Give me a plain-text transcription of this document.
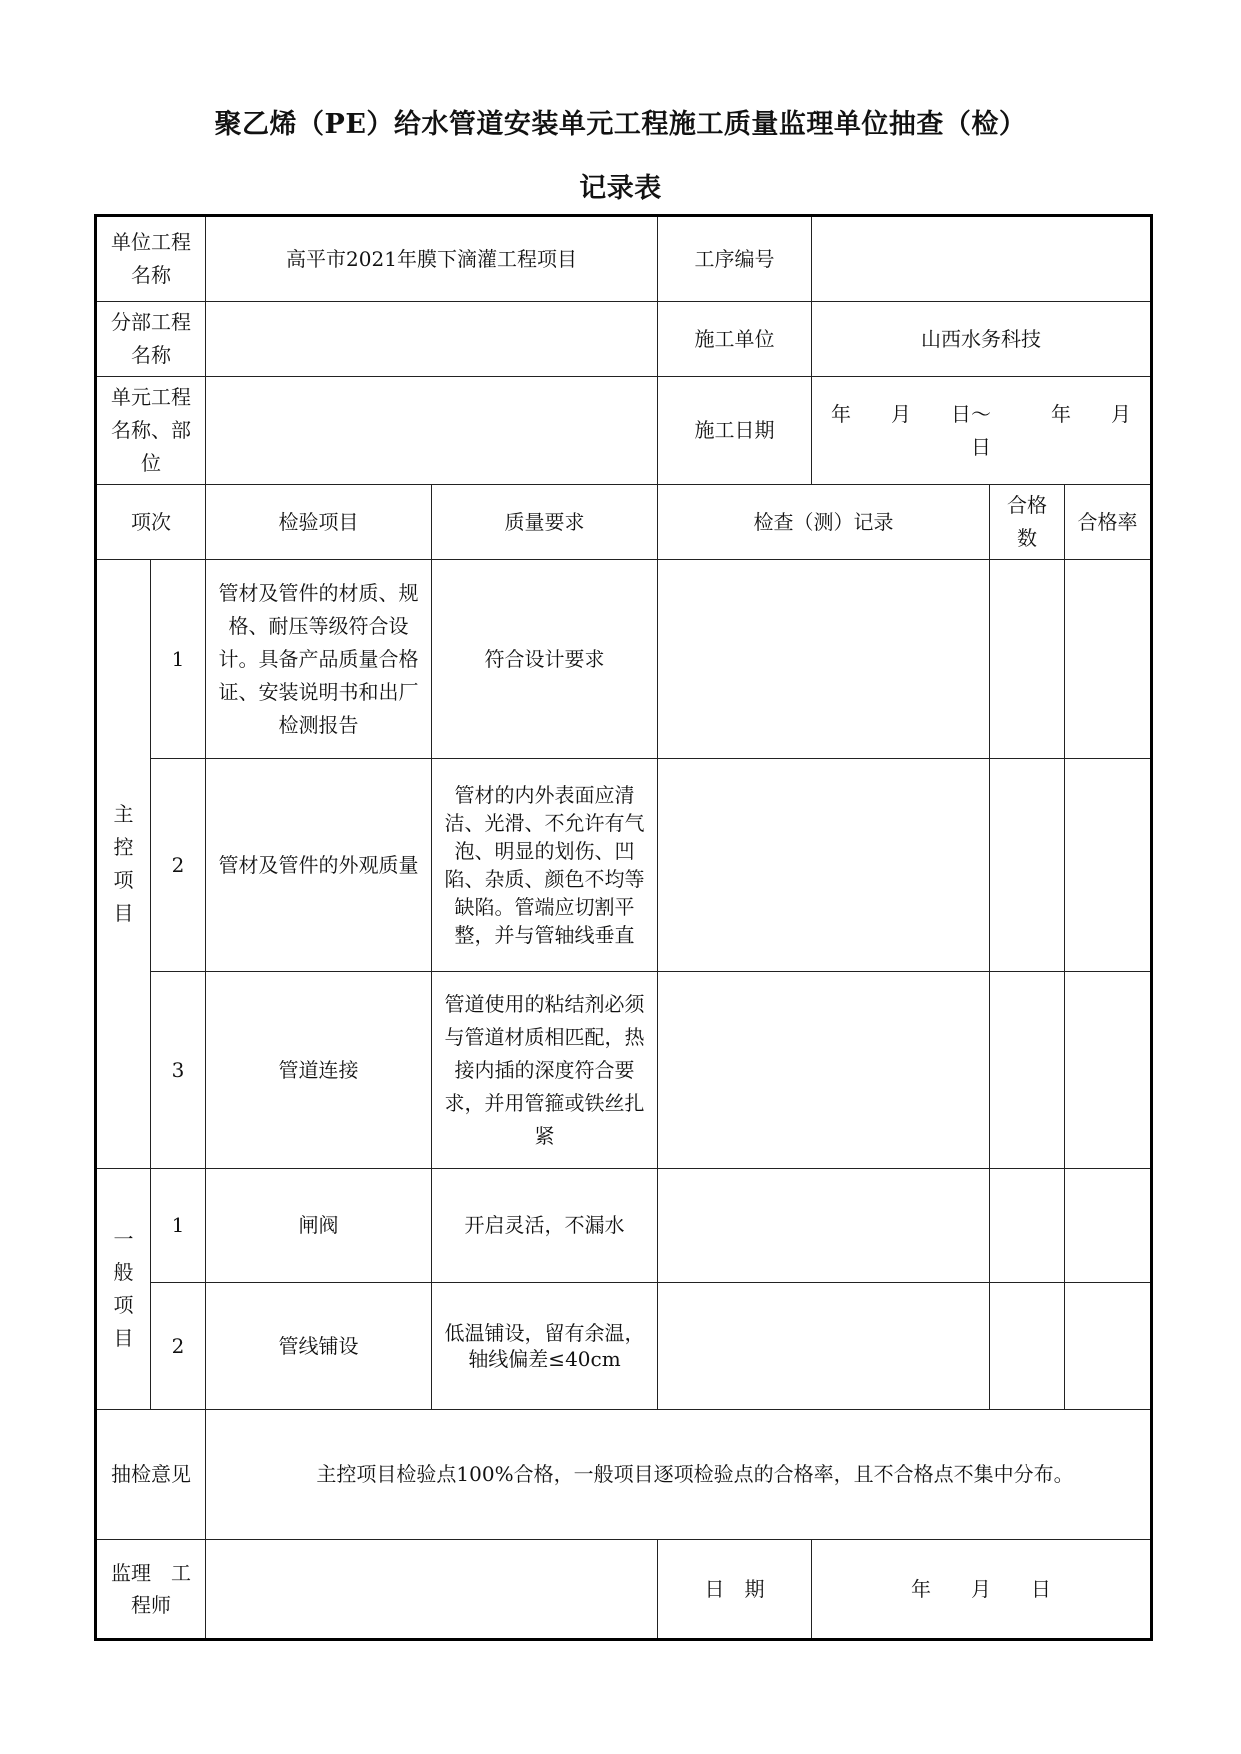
聚乙烯（PE）给水管道安装单元工程施工质量监理单位抽查（检）
记录表
单位工程名称		高平市2021年膜下滴灌工程项目		工序编号			
分部工程名称				施工单位	山西水务科技		
单元工程名称、部位				施工日期	年　　月　　日～　　　年　　月　　日		
项次		检验项目	质量要求	检查（测）记录		合格数	合格率
主
控
项
目	1	管材及管件的材质、规格、耐压等级符合设计。具备产品质量合格证、安装说明书和出厂检测报告	符合设计要求				
	2	管材及管件的外观质量	管材的内外表面应清洁、光滑、不允许有气泡、明显的划伤、凹陷、杂质、颜色不均等缺陷。管端应切割平整，并与管轴线垂直				
	3	管道连接	管道使用的粘结剂必须与管道材质相匹配，热接内插的深度符合要求，并用管箍或铁丝扎紧				
一
般
项
目	1	闸阀	开启灵活，不漏水				
	2	管线铺设	低温铺设，留有余温，轴线偏差≤40cm				
抽检意见		主控项目检验点100%合格，一般项目逐项检验点的合格率，且不合格点不集中分布。					
监理　工程师				日　期	年　　月　　日		
